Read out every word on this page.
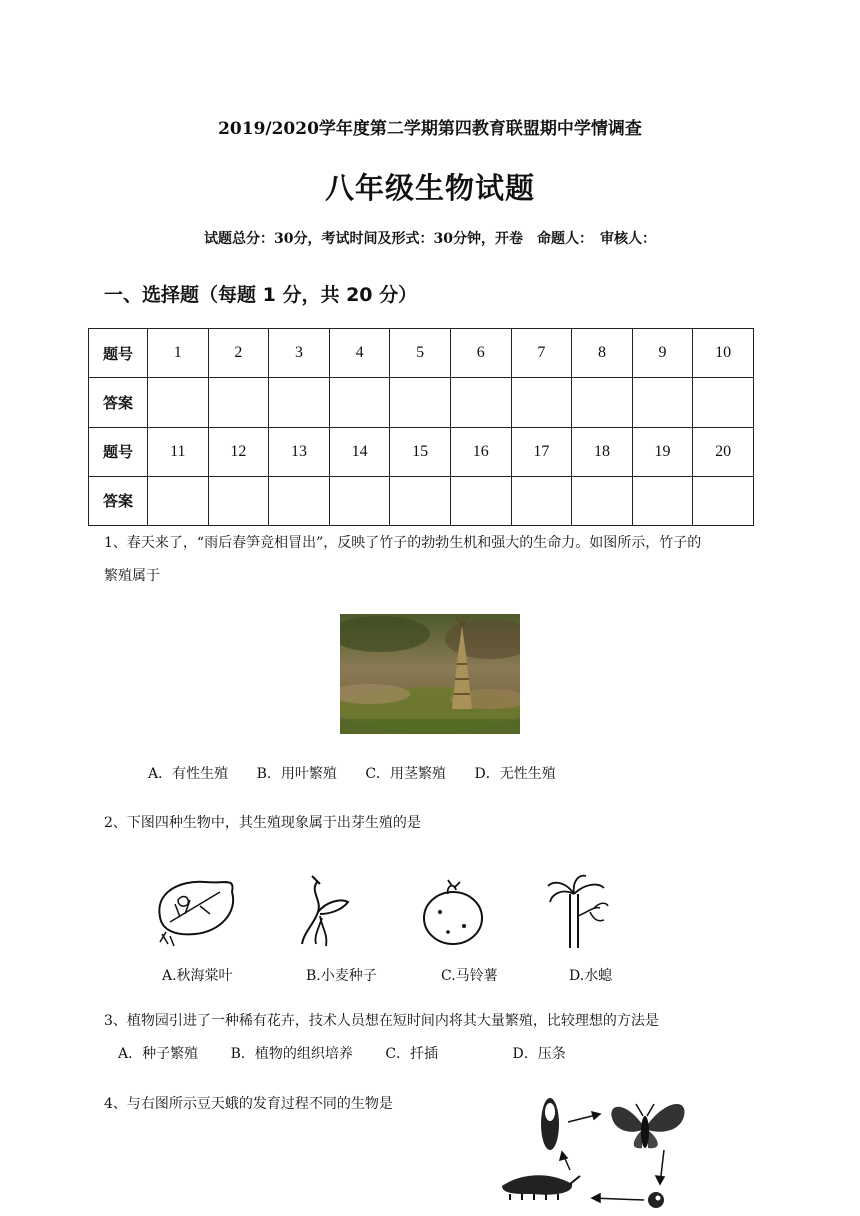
2019/2020学年度第二学期第四教育联盟期中学情调查
八年级生物试题
试题总分：30分，考试时间及形式：30分钟，开卷　命题人：　审核人：
一、选择题（每题 1 分，共 20 分）
题号	1	2	3	4	5	6	7	8	9	10
答案										
题号	11	12	13	14	15	16	17	18	19	20
答案										
1、春天来了，“雨后春笋竞相冒出”，反映了竹子的勃勃生机和强大的生命力。如图所示，竹子的
繁殖属于
A．有性生殖 B．用叶繁殖 C．用茎繁殖 D．无性生殖
2、下图四种生物中，其生殖现象属于出芽生殖的是
A.秋海棠叶	B.小麦种子	C.马铃薯	D.水螅
3、植物园引进了一种稀有花卉，技术人员想在短时间内将其大量繁殖，比较理想的方法是
A．种子繁殖 B．植物的组织培养 C．扦插	D．压条
4、与右图所示豆天蛾的发育过程不同的生物是
